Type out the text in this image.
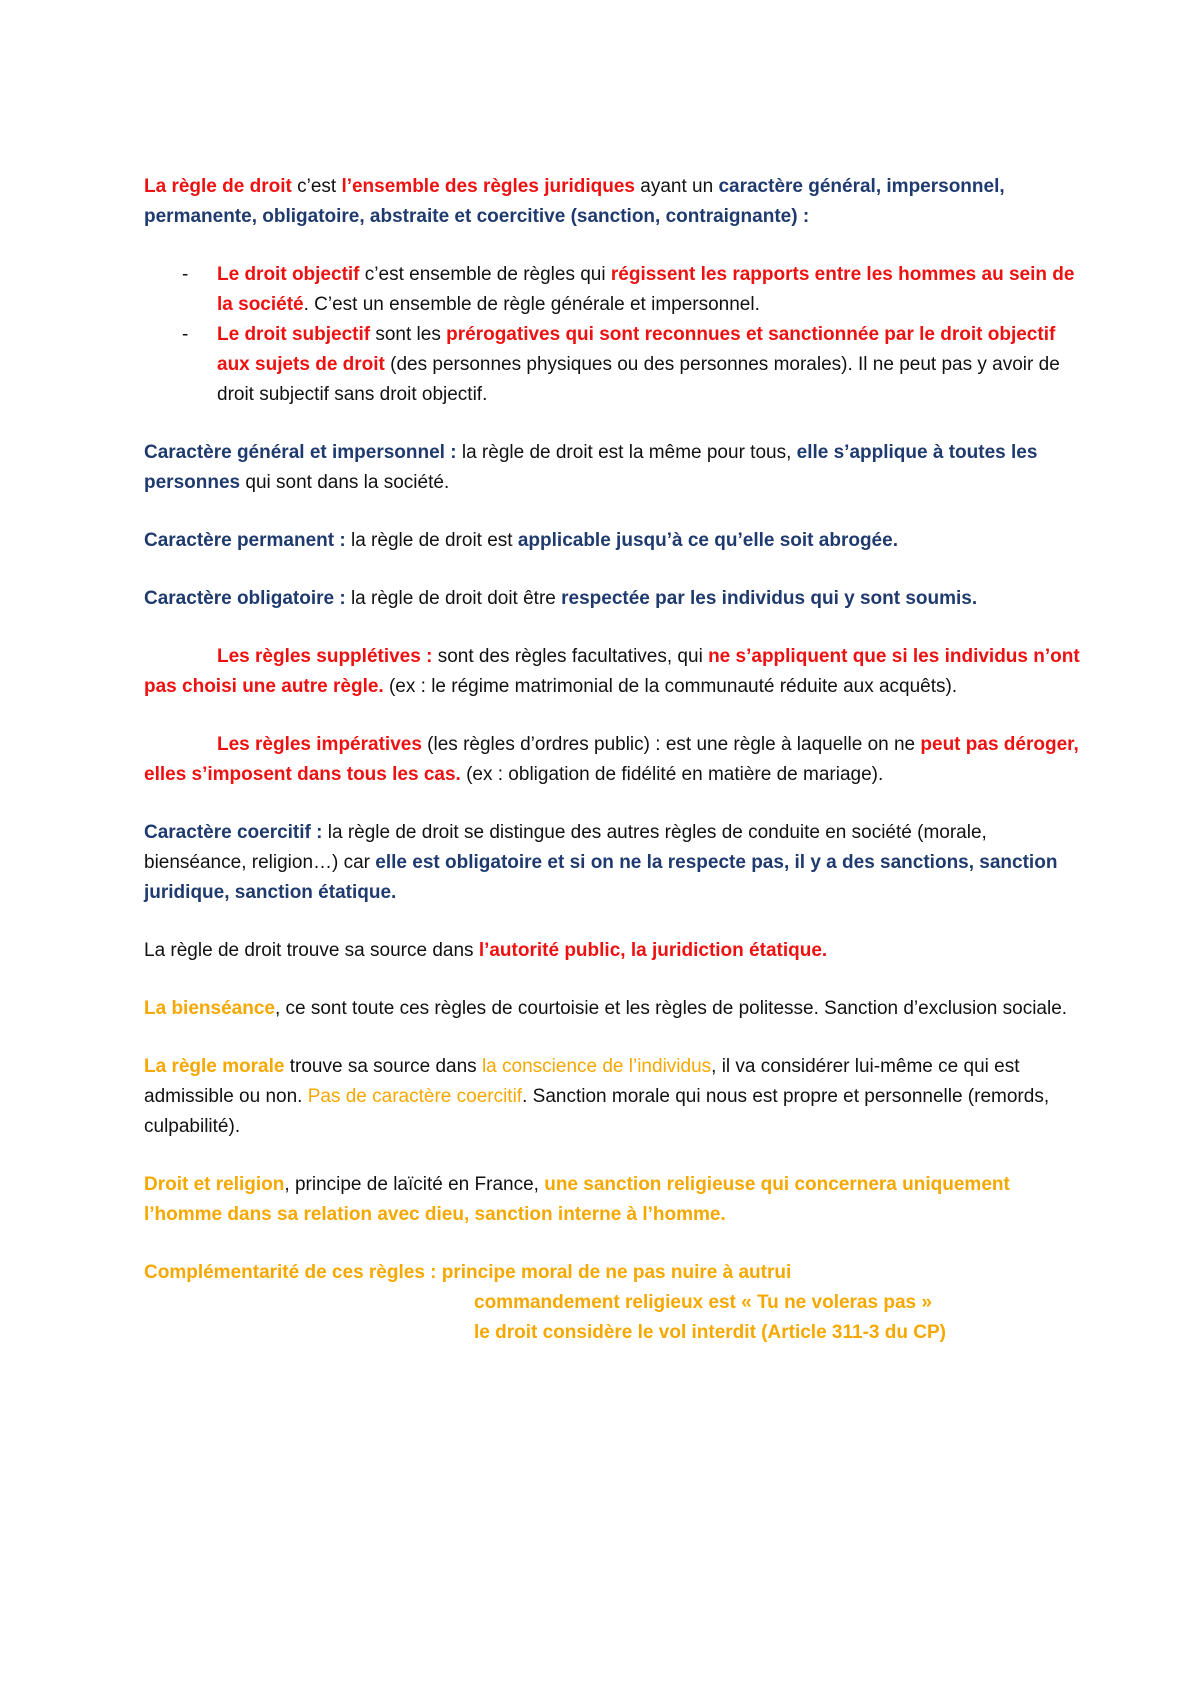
La règle de droit c’est l’ensemble des règles juridiques ayant un caractère général, impersonnel, permanente, obligatoire, abstraite et coercitive (sanction, contraignante) :

- Le droit objectif c’est ensemble de règles qui régissent les rapports entre les hommes au sein de la société. C’est un ensemble de règle générale et impersonnel.
- Le droit subjectif sont les prérogatives qui sont reconnues et sanctionnée par le droit objectif aux sujets de droit (des personnes physiques ou des personnes morales). Il ne peut pas y avoir de droit subjectif sans droit objectif.

Caractère général et impersonnel : la règle de droit est la même pour tous, elle s’applique à toutes les personnes qui sont dans la société.

Caractère permanent : la règle de droit est applicable jusqu’à ce qu’elle soit abrogée.

Caractère obligatoire : la règle de droit doit être respectée par les individus qui y sont soumis.

Les règles supplétives : sont des règles facultatives, qui ne s’appliquent que si les individus n’ont pas choisi une autre règle. (ex : le régime matrimonial de la communauté réduite aux acquêts).

Les règles impératives (les règles d’ordres public) : est une règle à laquelle on ne peut pas déroger, elles s’imposent dans tous les cas. (ex : obligation de fidélité en matière de mariage).

Caractère coercitif : la règle de droit se distingue des autres règles de conduite en société (morale, bienséance, religion…) car elle est obligatoire et si on ne la respecte pas, il y a des sanctions, sanction juridique, sanction étatique.

La règle de droit trouve sa source dans l’autorité public, la juridiction étatique.

La bienséance, ce sont toute ces règles de courtoisie et les règles de politesse. Sanction d’exclusion sociale.

La règle morale trouve sa source dans la conscience de l’individus, il va considérer lui-même ce qui est admissible ou non. Pas de caractère coercitif. Sanction morale qui nous est propre et personnelle (remords, culpabilité).

Droit et religion, principe de laïcité en France, une sanction religieuse qui concernera uniquement l’homme dans sa relation avec dieu, sanction interne à l’homme.

Complémentarité de ces règles : principe moral de ne pas nuire à autrui
commandement religieux est « Tu ne voleras pas »
le droit considère le vol interdit (Article 311-3 du CP)
